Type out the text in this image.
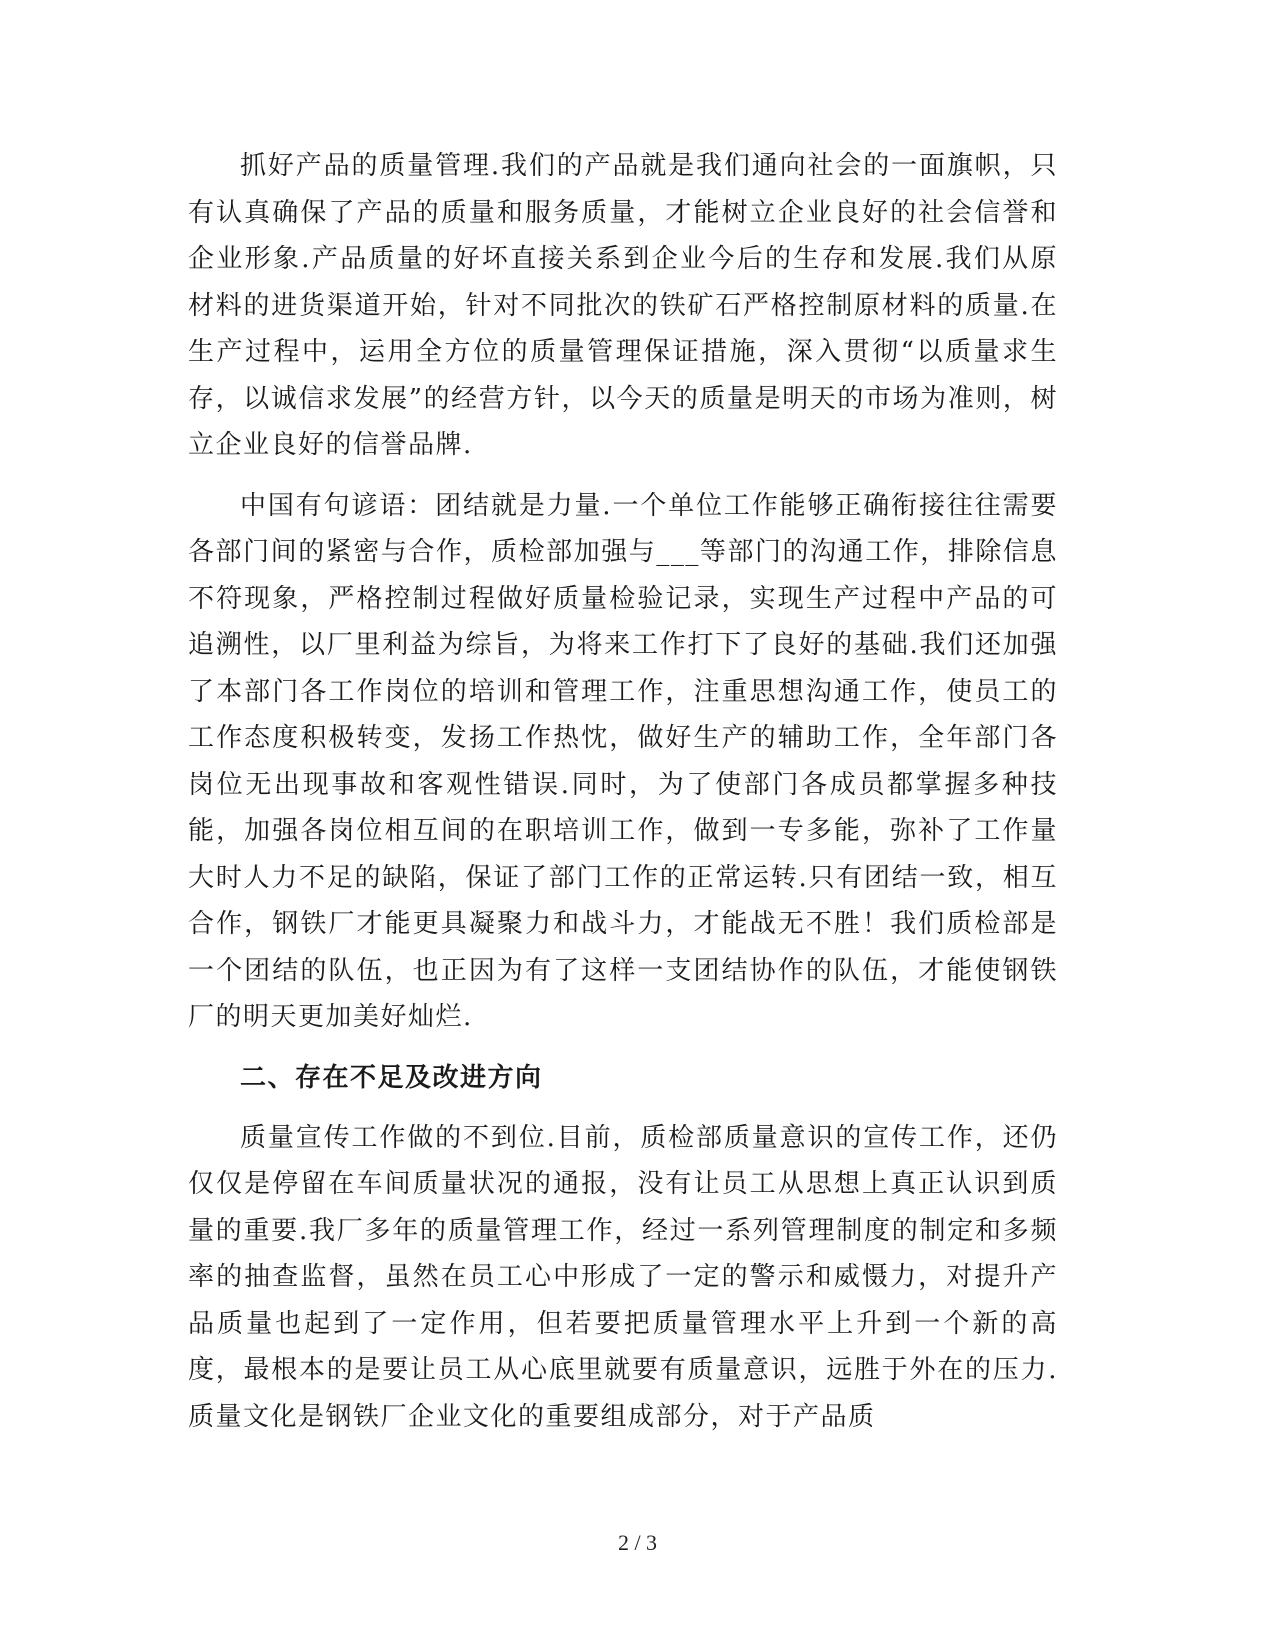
抓好产品的质量管理.我们的产品就是我们通向社会的一面旗帜，只有认真确保了产品的质量和服务质量，才能树立企业良好的社会信誉和企业形象.产品质量的好坏直接关系到企业今后的生存和发展.我们从原材料的进货渠道开始，针对不同批次的铁矿石严格控制原材料的质量.在生产过程中，运用全方位的质量管理保证措施，深入贯彻“以质量求生存，以诚信求发展”的经营方针，以今天的质量是明天的市场为准则，树立企业良好的信誉品牌.

中国有句谚语：团结就是力量.一个单位工作能够正确衔接往往需要各部门间的紧密与合作，质检部加强与___等部门的沟通工作，排除信息不符现象，严格控制过程做好质量检验记录，实现生产过程中产品的可追溯性，以厂里利益为综旨，为将来工作打下了良好的基础.我们还加强了本部门各工作岗位的培训和管理工作，注重思想沟通工作，使员工的工作态度积极转变，发扬工作热忱，做好生产的辅助工作，全年部门各岗位无出现事故和客观性错误.同时，为了使部门各成员都掌握多种技能，加强各岗位相互间的在职培训工作，做到一专多能，弥补了工作量大时人力不足的缺陷，保证了部门工作的正常运转.只有团结一致，相互合作，钢铁厂才能更具凝聚力和战斗力，才能战无不胜！我们质检部是一个团结的队伍，也正因为有了这样一支团结协作的队伍，才能使钢铁厂的明天更加美好灿烂.

二、存在不足及改进方向

质量宣传工作做的不到位.目前，质检部质量意识的宣传工作，还仍仅仅是停留在车间质量状况的通报，没有让员工从思想上真正认识到质量的重要.我厂多年的质量管理工作，经过一系列管理制度的制定和多频率的抽查监督，虽然在员工心中形成了一定的警示和威慑力，对提升产品质量也起到了一定作用，但若要把质量管理水平上升到一个新的高度，最根本的是要让员工从心底里就要有质量意识，远胜于外在的压力.质量文化是钢铁厂企业文化的重要组成部分，对于产品质

2 / 3
